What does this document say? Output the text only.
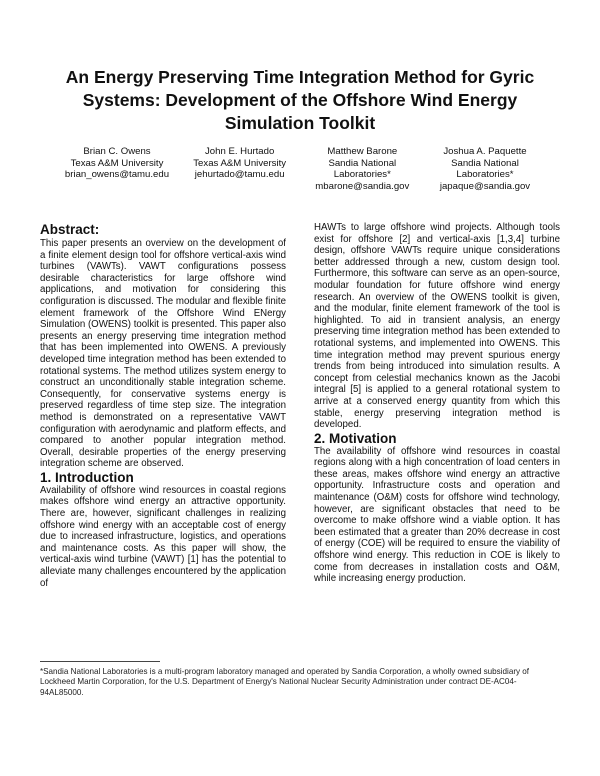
An Energy Preserving Time Integration Method for Gyric Systems: Development of the Offshore Wind Energy Simulation Toolkit
Brian C. Owens
Texas A&M University
brian_owens@tamu.edu
John E. Hurtado
Texas A&M University
jehurtado@tamu.edu
Matthew Barone
Sandia National
Laboratories*
mbarone@sandia.gov
Joshua A. Paquette
Sandia National
Laboratories*
japaque@sandia.gov
Abstract:

This paper presents an overview on the development of a finite element design tool for offshore vertical-axis wind turbines (VAWTs). VAWT configurations possess desirable characteristics for large offshore wind applications, and motivation for considering this configuration is discussed. The modular and flexible finite element framework of the Offshore Wind ENergy Simulation (OWENS) toolkit is presented. This paper also presents an energy preserving time integration method that has been implemented into OWENS. A previously developed time integration method has been extended to rotational systems. The method utilizes system energy to construct an unconditionally stable integration scheme. Consequently, for conservative systems energy is preserved regardless of time step size. The integration method is demonstrated on a representative VAWT configuration with aerodynamic and platform effects, and compared to another popular integration method. Overall, desirable properties of the energy preserving integration scheme are observed.

1. Introduction

Availability of offshore wind resources in coastal regions makes offshore wind energy an attractive opportunity. There are, however, significant challenges in realizing offshore wind energy with an acceptable cost of energy due to increased infrastructure, logistics, and operations and maintenance costs. As this paper will show, the vertical-axis wind turbine (VAWT) [1] has the potential to alleviate many challenges encountered by the application of

HAWTs to large offshore wind projects. Although tools exist for offshore [2] and vertical-axis [1,3,4] turbine design, offshore VAWTs require unique considerations better addressed through a new, custom design tool. Furthermore, this software can serve as an open-source, modular foundation for future offshore wind energy research. An overview of the OWENS toolkit is given, and the modular, finite element framework of the tool is highlighted. To aid in transient analysis, an energy preserving time integration method has been extended to rotational systems, and implemented into OWENS. This time integration method may prevent spurious energy trends from being introduced into simulation results. A concept from celestial mechanics known as the Jacobi integral [5] is applied to a general rotational system to arrive at a conserved energy quantity from which this stable, energy preserving integration method is developed.

2. Motivation

The availability of offshore wind resources in coastal regions along with a high concentration of load centers in these areas, makes offshore wind energy an attractive opportunity. Infrastructure costs and operation and maintenance (O&M) costs for offshore wind technology, however, are significant obstacles that need to be overcome to make offshore wind a viable option. It has been estimated that a greater than 20% decrease in cost of energy (COE) will be required to ensure the viability of offshore wind energy. This reduction in COE is likely to come from decreases in installation costs and O&M, while increasing energy production.

*Sandia National Laboratories is a multi-program laboratory managed and operated by Sandia Corporation, a wholly owned subsidiary of Lockheed Martin Corporation, for the U.S. Department of Energy's National Nuclear Security Administration under contract DE-AC04-94AL85000.
